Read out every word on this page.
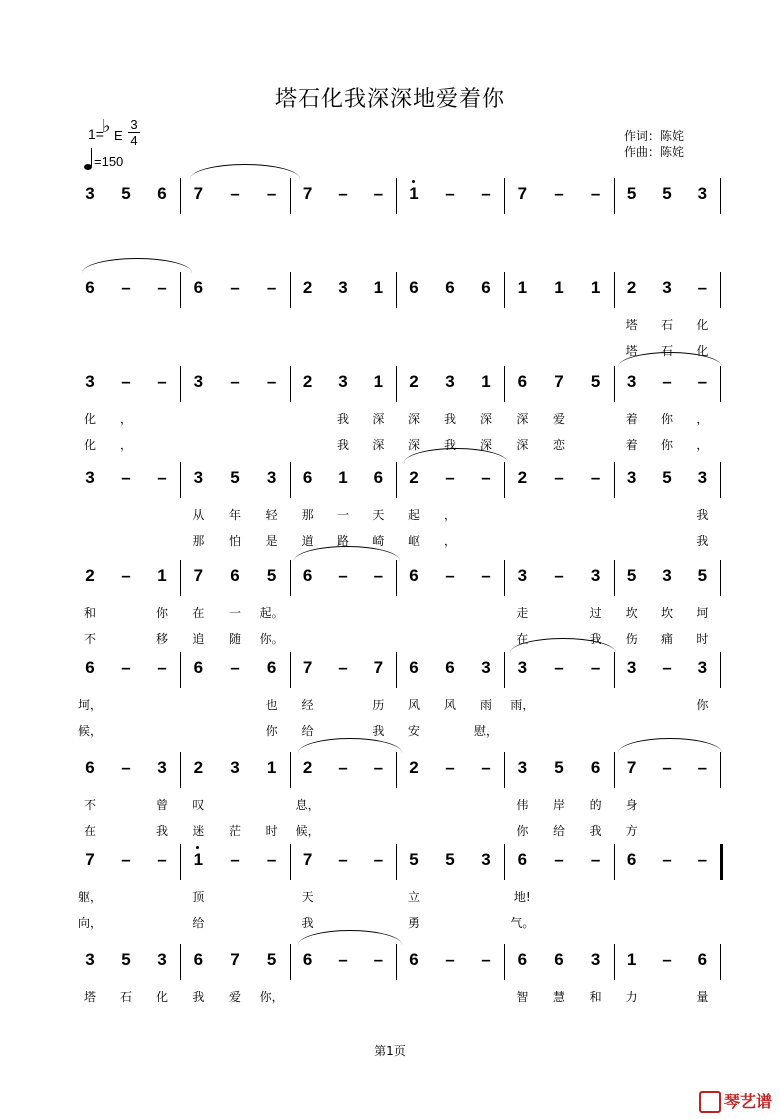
塔石化我深深地爱着你
1=
♭ E
3
4
=150
作词：陈姹
作曲：陈姹
3	5	6	7	–	–	7	–	–	1	–	–	7	–	–	5	5	3
6	–	–	6	–	–	2	3	1	6	6	6	1	1	1	2	3	–
塔	石	化
塔	石	化
3	–	–	3	–	–	2	3	1	2	3	1	6	7	5	3	–	–
化	，	我	深	深	我	深	深	爱	着	你	，
化	，	我	深	深	我	深	深	恋	着	你	，
3	–	–	3	5	3	6	1	6	2	–	–	2	–	–	3	5	3
从	年	轻	那	一	天	起	，	我
那	怕	是	道	路	崎	岖	，	我
2	–	1	7	6	5	6	–	–	6	–	–	3	–	3	5	3	5
和	你	在	一	起。	走	过	坎	坎	坷
不	移	追	随	你。	在	我	伤	痛	时
6	–	–	6	–	6	7	–	7	6	6	3	3	–	–	3	–	3
坷，	也	经	历	风	风	雨	雨，	你
候，	你	给	我	安	慰，
6	–	3	2	3	1	2	–	–	2	–	–	3	5	6	7	–	–
不	曾	叹	息，	伟	岸	的	身
在	我	迷	茫	时	候，	你	给	我	方
7	–	–	1	–	–	7	–	–	5	5	3	6	–	–	6	–	–
躯，	顶	天	立	地!
向，	给	我	勇	气。
3	5	3	6	7	5	6	–	–	6	–	–	6	6	3	1	–	6
塔	石	化	我	爱	你，	智	慧	和	力	量
第1页
琴艺谱
